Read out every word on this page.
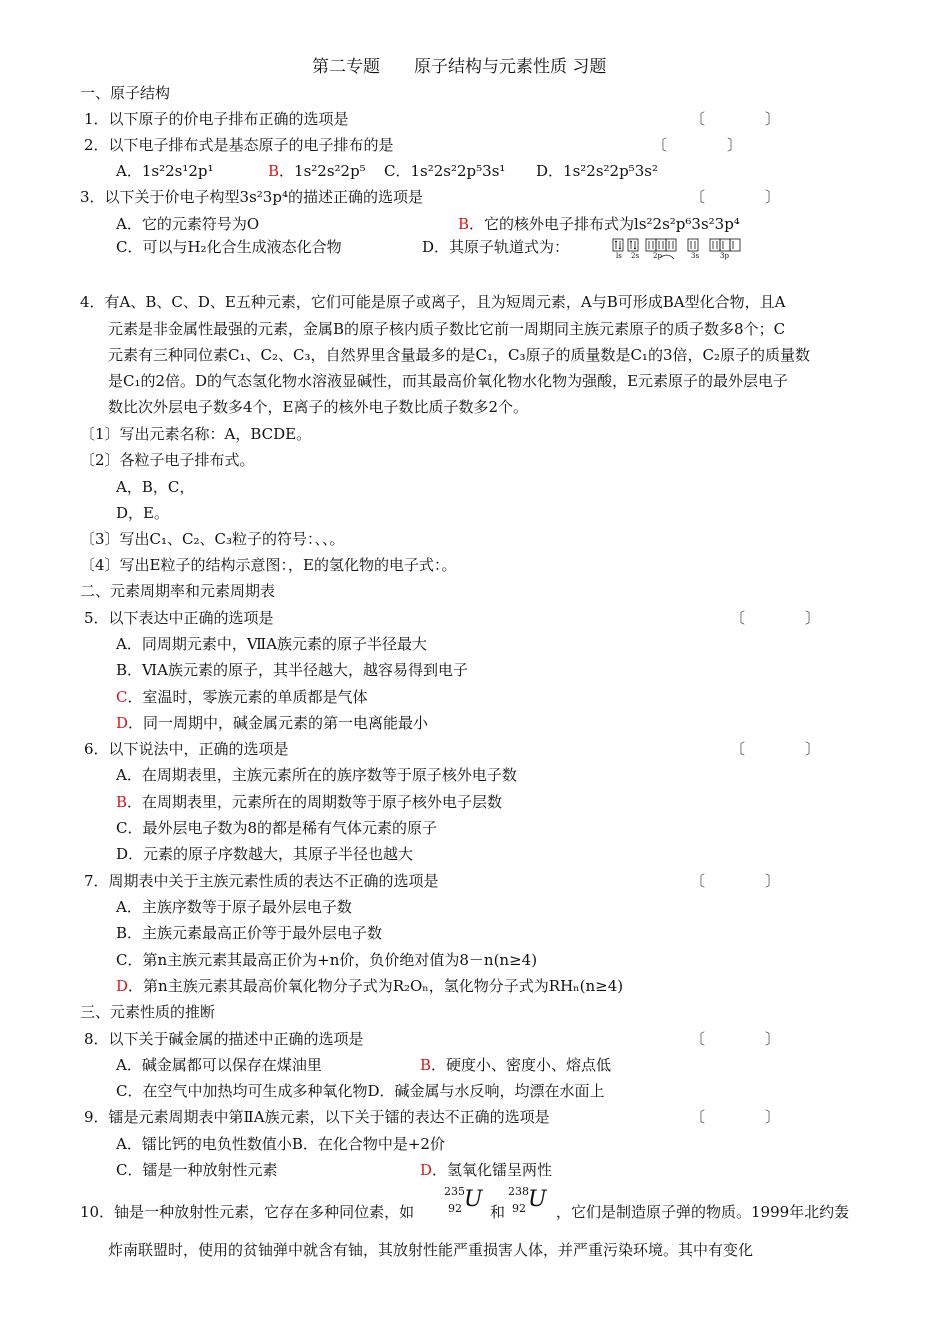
第二专题　　原子结构与元素性质 习题
一、原子结构
1．以下原子的价电子排布正确的选项是	〔　　　　〕
2．以下电子排布式是基态原子的电子排布的是	〔　　　　〕
A．1s²2s¹2p¹	B．1s²2s²2p⁵ C．1s²2s²2p⁵3s¹ D．1s²2s²2p⁵3s²
3．以下关于价电子构型3s²3p⁴的描述正确的选项是	〔　　　　〕
A．它的元素符号为O	B．它的核外电子排布式为ls²2s²p⁶3s²3p⁴
C．可以与H₂化合生成液态化合物	D．其原子轨道式为：	ls 2s 2p	3s	3p
4．有A、B、C、D、E五种元素，它们可能是原子或离子，且为短周元素，A与B可形成BA型化合物，且A
元素是非金属性最强的元素，金属B的原子核内质子数比它前一周期同主族元素原子的质子数多8个；C
元素有三种同位素C₁、C₂、C₃，自然界里含量最多的是C₁，C₃原子的质量数是C₁的3倍，C₂原子的质量数
是C₁的2倍。D的气态氢化物水溶液显碱性，而其最高价氧化物水化物为强酸，E元素原子的最外层电子
数比次外层电子数多4个，E离子的核外电子数比质子数多2个。
〔1〕写出元素名称：A，BCDE。
〔2〕各粒子电子排布式。
A，B，C，
D，E。
〔3〕写出C₁、C₂、C₃粒子的符号：、、。
〔4〕写出E粒子的结构示意图：，E的氢化物的电子式：。
二、元素周期率和元素周期表
5．以下表达中正确的选项是	〔　　　　〕
A．同周期元素中，ⅦA族元素的原子半径最大
B．ⅥA族元素的原子，其半径越大，越容易得到电子
C．室温时，零族元素的单质都是气体
D．同一周期中，碱金属元素的第一电离能最小
6．以下说法中，正确的选项是	〔　　　　〕
A．在周期表里，主族元素所在的族序数等于原子核外电子数
B．在周期表里，元素所在的周期数等于原子核外电子层数
C．最外层电子数为8的都是稀有气体元素的原子
D．元素的原子序数越大，其原子半径也越大
7．周期表中关于主族元素性质的表达不正确的选项是	〔　　　　〕
A．主族序数等于原子最外层电子数
B．主族元素最高正价等于最外层电子数
C．第n主族元素其最高正价为+n价，负价绝对值为8－n(n≥4)
D．第n主族元素其最高价氧化物分子式为R₂Oₙ，氢化物分子式为RHₙ(n≥4)
三、元素性质的推断
8．以下关于碱金属的描述中正确的选项是	〔　　　　〕
A．碱金属都可以保存在煤油里	B．硬度小、密度小、熔点低
C．在空气中加热均可生成多种氧化物D．碱金属与水反响，均漂在水面上
9．镭是元素周期表中第ⅡA族元素，以下关于镭的表达不正确的选项是	〔　　　　〕
A．镭比钙的电负性数值小B．在化合物中是+2价
C．镭是一种放射性元素	D．氢氧化镭呈两性
10．铀是一种放射性元素，它存在多种同位素，如
235
92 U 和
238
92 U ，它们是制造原子弹的物质。1999年北约轰
炸南联盟时，使用的贫铀弹中就含有铀，其放射性能严重损害人体，并严重污染环境。其中有变化
